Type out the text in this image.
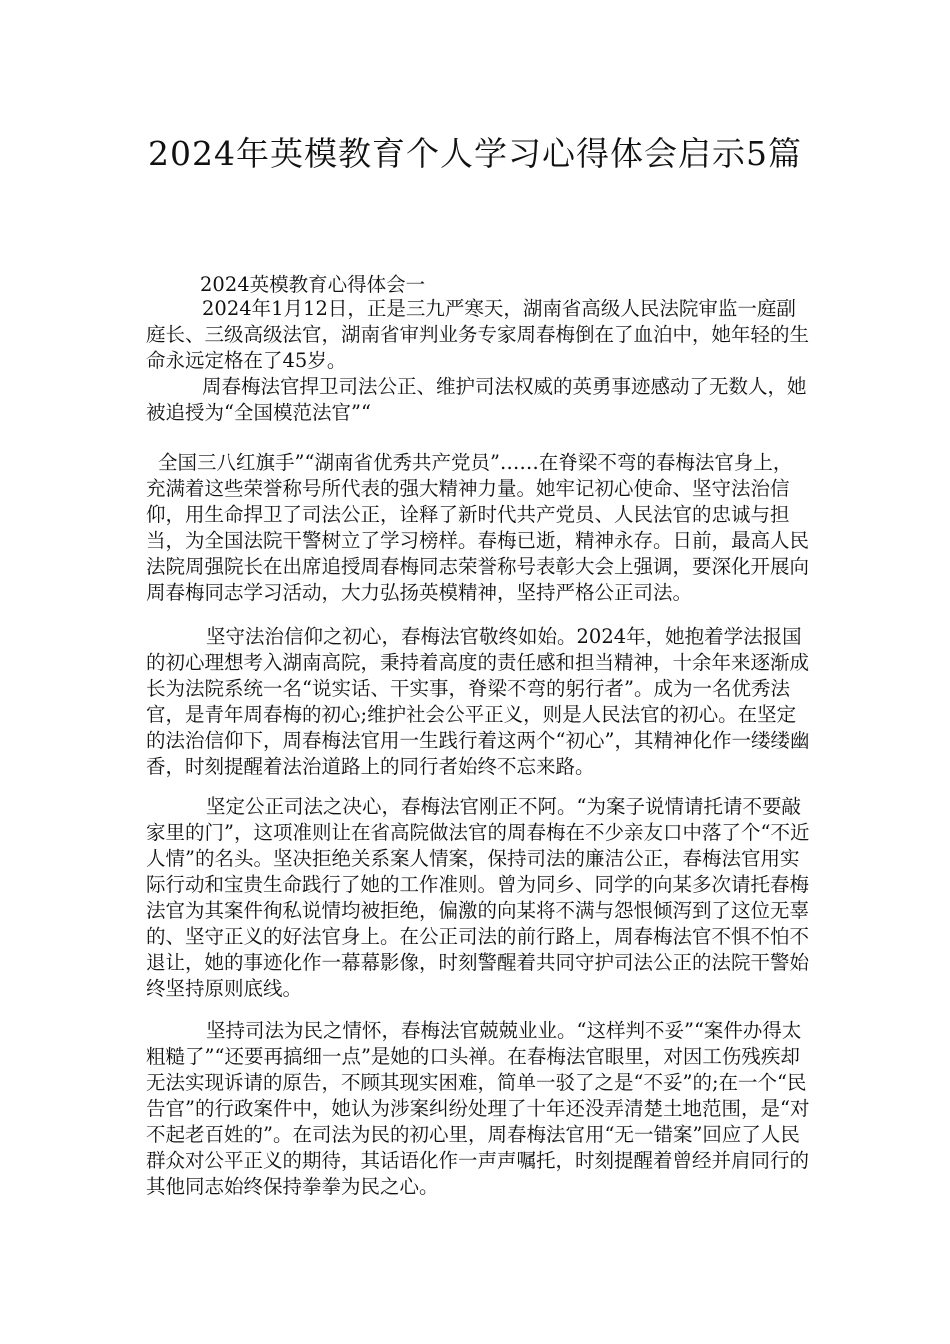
2024年英模教育个人学习心得体会启示5篇

2024英模教育心得体会一

2024年1月12日，正是三九严寒天，湖南省高级人民法院审监一庭副庭长、三级高级法官，湖南省审判业务专家周春梅倒在了血泊中，她年轻的生命永远定格在了45岁。

周春梅法官捍卫司法公正、维护司法权威的英勇事迹感动了无数人，她被追授为“全国模范法官”“

全国三八红旗手”“湖南省优秀共产党员”……在脊梁不弯的春梅法官身上，充满着这些荣誉称号所代表的强大精神力量。她牢记初心使命、坚守法治信仰，用生命捍卫了司法公正，诠释了新时代共产党员、人民法官的忠诚与担当，为全国法院干警树立了学习榜样。春梅已逝，精神永存。日前，最高人民法院周强院长在出席追授周春梅同志荣誉称号表彰大会上强调，要深化开展向周春梅同志学习活动，大力弘扬英模精神，坚持严格公正司法。

坚守法治信仰之初心，春梅法官敬终如始。2024年，她抱着学法报国的初心理想考入湖南高院，秉持着高度的责任感和担当精神，十余年来逐渐成长为法院系统一名“说实话、干实事，脊梁不弯的躬行者”。成为一名优秀法官，是青年周春梅的初心;维护社会公平正义，则是人民法官的初心。在坚定的法治信仰下，周春梅法官用一生践行着这两个“初心”，其精神化作一缕缕幽香，时刻提醒着法治道路上的同行者始终不忘来路。

坚定公正司法之决心，春梅法官刚正不阿。“为案子说情请托请不要敲家里的门”，这项准则让在省高院做法官的周春梅在不少亲友口中落了个“不近人情”的名头。坚决拒绝关系案人情案，保持司法的廉洁公正，春梅法官用实际行动和宝贵生命践行了她的工作准则。曾为同乡、同学的向某多次请托春梅法官为其案件徇私说情均被拒绝，偏激的向某将不满与怨恨倾泻到了这位无辜的、坚守正义的好法官身上。在公正司法的前行路上，周春梅法官不惧不怕不退让，她的事迹化作一幕幕影像，时刻警醒着共同守护司法公正的法院干警始终坚持原则底线。

坚持司法为民之情怀，春梅法官兢兢业业。“这样判不妥”“案件办得太粗糙了”“还要再搞细一点”是她的口头禅。在春梅法官眼里，对因工伤残疾却无法实现诉请的原告，不顾其现实困难，简单一驳了之是“不妥”的;在一个“民告官”的行政案件中，她认为涉案纠纷处理了十年还没弄清楚土地范围，是“对不起老百姓的”。在司法为民的初心里，周春梅法官用“无一错案”回应了人民群众对公平正义的期待，其话语化作一声声嘱托，时刻提醒着曾经并肩同行的其他同志始终保持拳拳为民之心。
